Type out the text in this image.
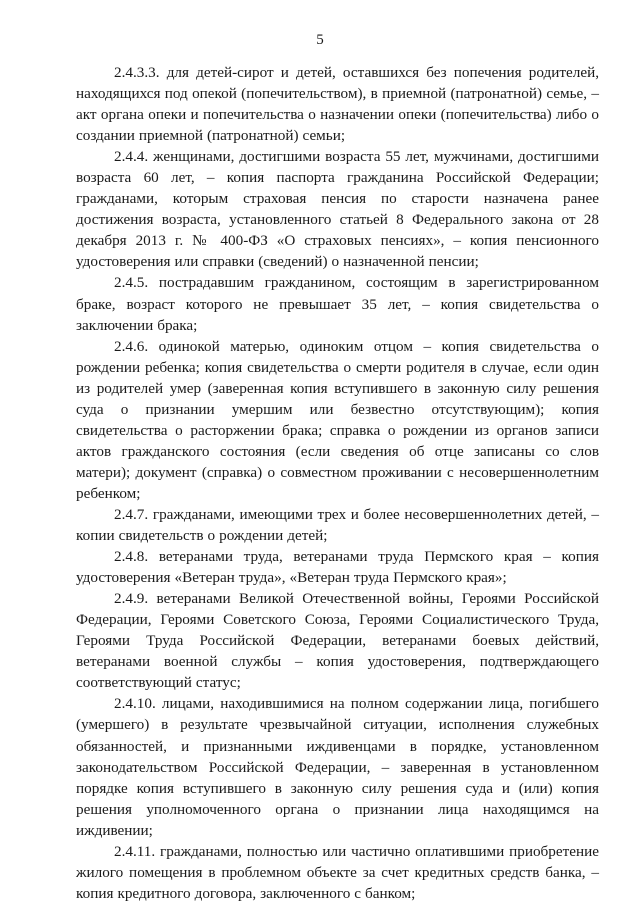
5

2.4.3.3. для детей-сирот и детей, оставшихся без попечения родителей, находящихся под опекой (попечительством), в приемной (патронатной) семье, – акт органа опеки и попечительства о назначении опеки (попечительства) либо о создании приемной (патронатной) семьи;

2.4.4. женщинами, достигшими возраста 55 лет, мужчинами, достигшими возраста 60 лет, – копия паспорта гражданина Российской Федерации; гражданами, которым страховая пенсия по старости назначена ранее достижения возраста, установленного статьей 8 Федерального закона от 28 декабря 2013 г. № 400-ФЗ «О страховых пенсиях», – копия пенсионного удостоверения или справки (сведений) о назначенной пенсии;

2.4.5. пострадавшим гражданином, состоящим в зарегистрированном браке, возраст которого не превышает 35 лет, – копия свидетельства о заключении брака;

2.4.6. одинокой матерью, одиноким отцом – копия свидетельства о рождении ребенка; копия свидетельства о смерти родителя в случае, если один из родителей умер (заверенная копия вступившего в законную силу решения суда о признании умершим или безвестно отсутствующим); копия свидетельства о расторжении брака; справка о рождении из органов записи актов гражданского состояния (если сведения об отце записаны со слов матери); документ (справка) о совместном проживании с несовершеннолетним ребенком;

2.4.7. гражданами, имеющими трех и более несовершеннолетних детей, – копии свидетельств о рождении детей;

2.4.8. ветеранами труда, ветеранами труда Пермского края – копия удостоверения «Ветеран труда», «Ветеран труда Пермского края»;

2.4.9. ветеранами Великой Отечественной войны, Героями Российской Федерации, Героями Советского Союза, Героями Социалистического Труда, Героями Труда Российской Федерации, ветеранами боевых действий, ветеранами военной службы – копия удостоверения, подтверждающего соответствующий статус;

2.4.10. лицами, находившимися на полном содержании лица, погибшего (умершего) в результате чрезвычайной ситуации, исполнения служебных обязанностей, и признанными иждивенцами в порядке, установленном законодательством Российской Федерации, – заверенная в установленном порядке копия вступившего в законную силу решения суда и (или) копия решения уполномоченного органа о признании лица находящимся на иждивении;

2.4.11. гражданами, полностью или частично оплатившими приобретение жилого помещения в проблемном объекте за счет кредитных средств банка, – копия кредитного договора, заключенного с банком;
